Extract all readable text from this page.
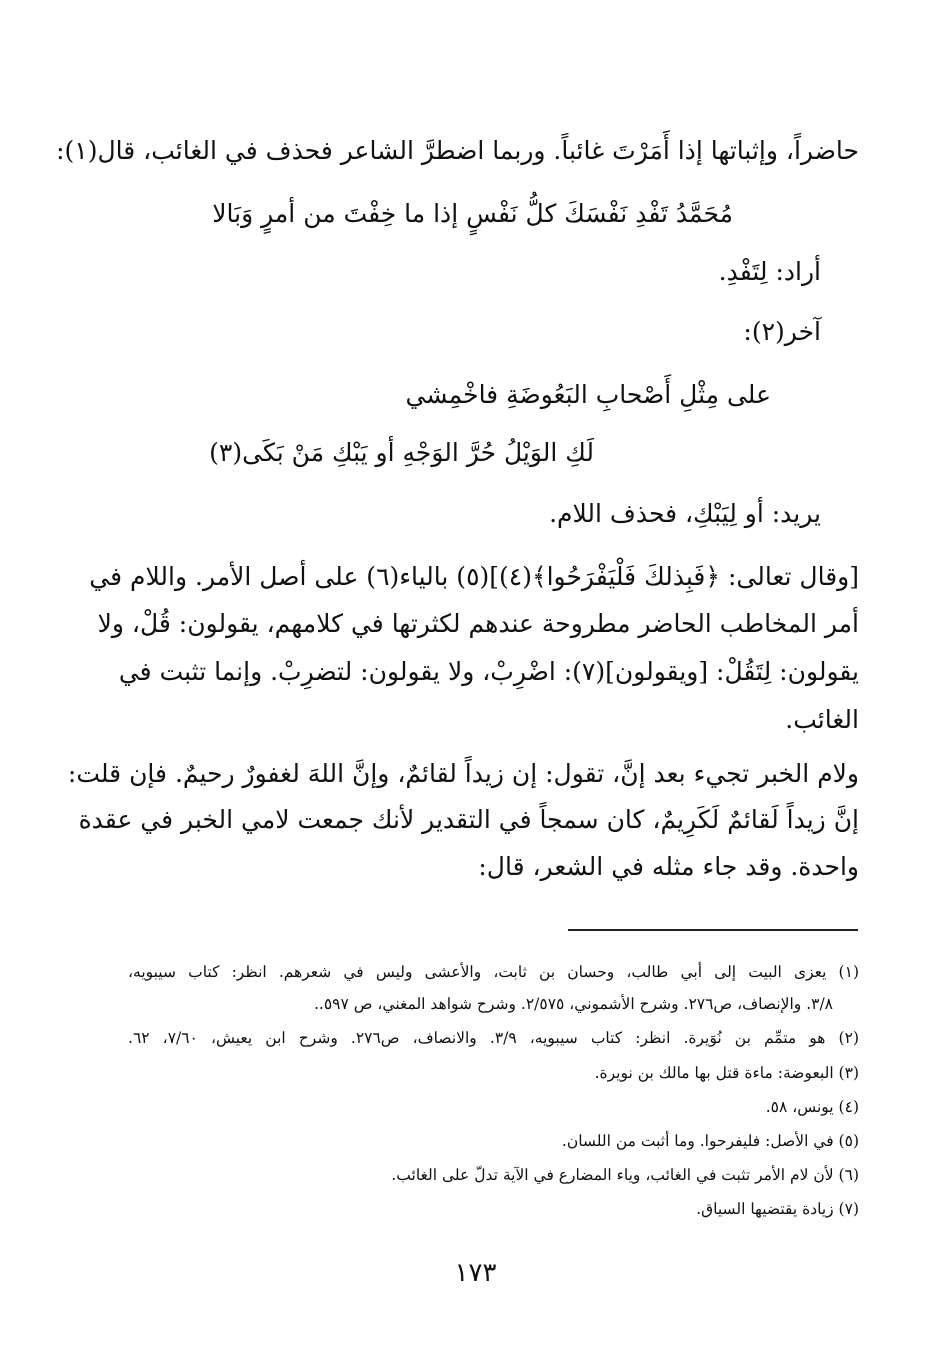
حاضراً، وإثباتها إذا أَمَرْتَ غائباً. وربما اضطرَّ الشاعر فحذف في الغائب، قال(١):
مُحَمَّدُ تَفْدِ نَفْسَكَ كلُّ نَفْسٍ إذا ما خِفْتَ من أمرٍ وَبَالا
أراد: لِتَفْدِ.
آخر(٢):
على مِثْلِ أَصْحابِ البَعُوضَةِ فاخْمِشي
لَكِ الوَيْلُ حُرَّ الوَجْهِ أو يَبْكِ مَنْ بَكَى(٣)
يريد: أو لِيَبْكِ، فحذف اللام.
[وقال تعالى: ﴿فَبِذلكَ فَلْيَفْرَحُوا﴾(٤)](٥) بالياء(٦) على أصل الأمر. واللام في
أمر المخاطب الحاضر مطروحة عندهم لكثرتها في كلامهم، يقولون: قُلْ، ولا
يقولون: لِتَقُلْ: [ويقولون](٧): اضْرِبْ، ولا يقولون: لتضرِبْ. وإنما تثبت في
الغائب.
ولام الخبر تجيء بعد إنَّ، تقول: إن زيداً لقائمٌ، وإنَّ اللهَ لغفورٌ رحيمٌ. فإن قلت:
إنَّ زيداً لَقائمٌ لَكَرِيمٌ، كان سمجاً في التقدير لأنك جمعت لامي الخبر في عقدة
واحدة. وقد جاء مثله في الشعر، قال:
(١) يعزى البيت إلى أبي طالب، وحسان بن ثابت، والأعشى وليس في شعرهم. انظر: كتاب سيبويه،
٣/٨. والإنصاف، ص٢٧٦. وشرح الأشموني، ٢/٥٧٥. وشرح شواهد المغني، ص ٥٩٧..
(٢) هو متمِّم بن نُوَيرة. انظر: كتاب سيبويه، ٣/٩. والانصاف، ص٢٧٦. وشرح ابن يعيش، ٧/٦٠، ٦٢.
(٣) البعوضة: ماءة قتل بها مالك بن نويرة.
(٤) يونس، ٥٨.
(٥) في الأصل: فليفرحوا. وما أثبت من اللسان.
(٦) لأن لام الأمر تثبت في الغائب، وياء المضارع في الآية تدلّ على الغائب.
(٧) زيادة يقتضيها السياق.
١٧٣
